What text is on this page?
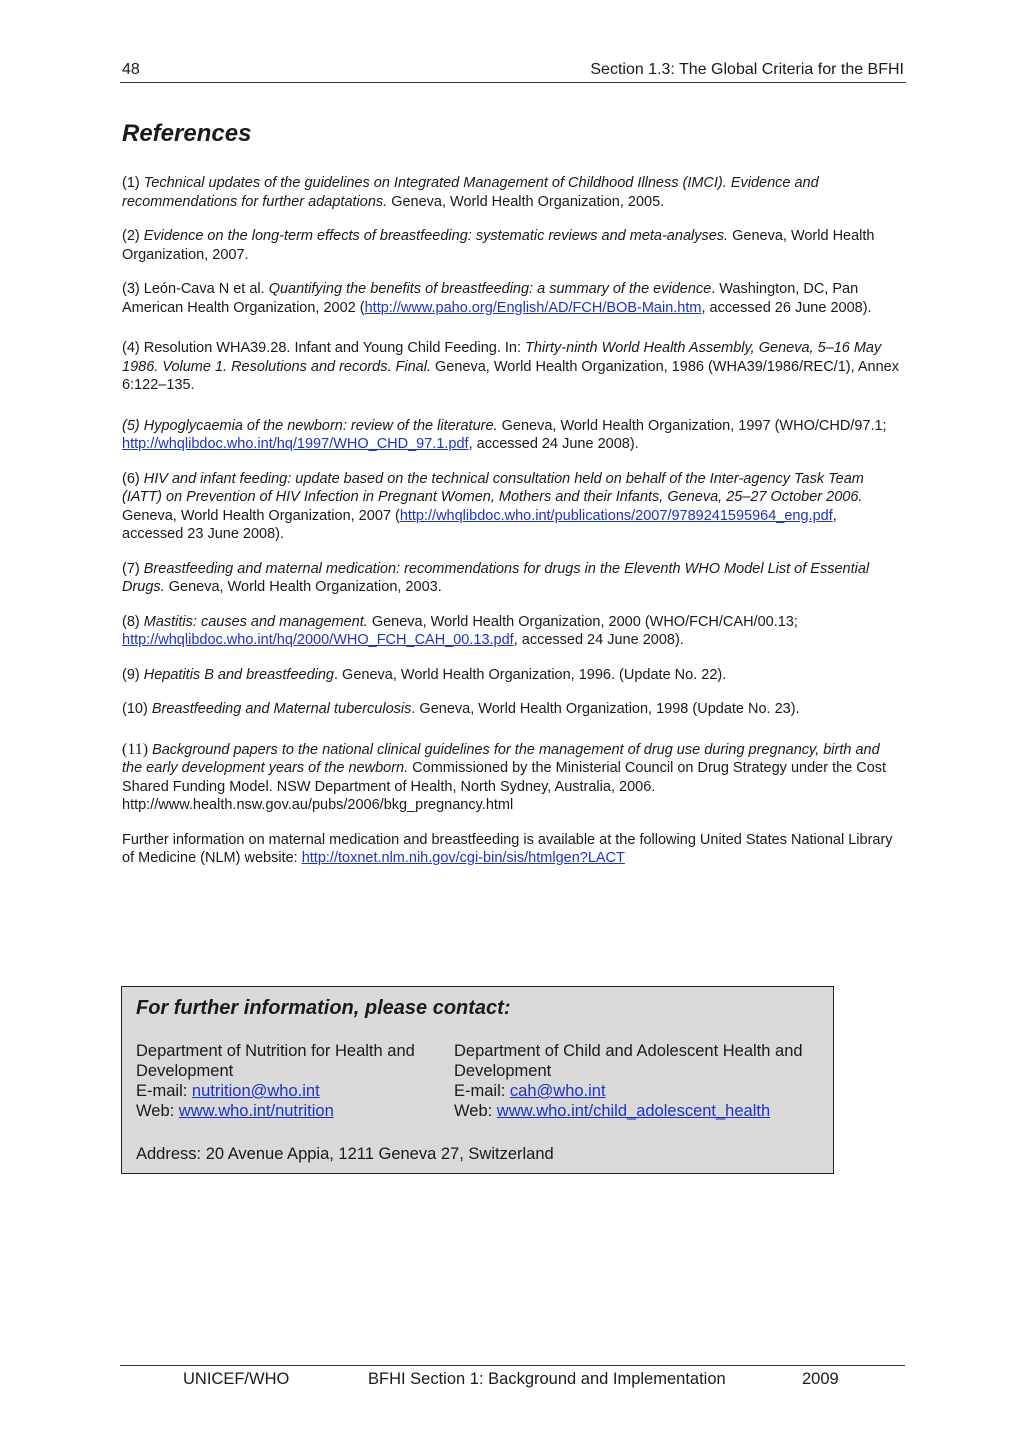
48	Section 1.3: The Global Criteria for the BFHI
References

(1) Technical updates of the guidelines on Integrated Management of Childhood Illness (IMCI). Evidence and recommendations for further adaptations. Geneva, World Health Organization, 2005.

(2) Evidence on the long-term effects of breastfeeding: systematic reviews and meta-analyses. Geneva, World Health Organization, 2007.

(3) León-Cava N et al. Quantifying the benefits of breastfeeding: a summary of the evidence. Washington, DC, Pan American Health Organization, 2002 (http://www.paho.org/English/AD/FCH/BOB-Main.htm, accessed 26 June 2008).

(4) Resolution WHA39.28. Infant and Young Child Feeding. In: Thirty-ninth World Health Assembly, Geneva, 5–16 May 1986. Volume 1. Resolutions and records. Final. Geneva, World Health Organization, 1986 (WHA39/1986/REC/1), Annex 6:122–135.

(5) Hypoglycaemia of the newborn: review of the literature. Geneva, World Health Organization, 1997 (WHO/CHD/97.1; http://whqlibdoc.who.int/hq/1997/WHO_CHD_97.1.pdf, accessed 24 June 2008).

(6) HIV and infant feeding: update based on the technical consultation held on behalf of the Inter-agency Task Team (IATT) on Prevention of HIV Infection in Pregnant Women, Mothers and their Infants, Geneva, 25–27 October 2006. Geneva, World Health Organization, 2007 (http://whqlibdoc.who.int/publications/2007/9789241595964_eng.pdf, accessed 23 June 2008).

(7) Breastfeeding and maternal medication: recommendations for drugs in the Eleventh WHO Model List of Essential Drugs. Geneva, World Health Organization, 2003.

(8) Mastitis: causes and management. Geneva, World Health Organization, 2000 (WHO/FCH/CAH/00.13; http://whqlibdoc.who.int/hq/2000/WHO_FCH_CAH_00.13.pdf, accessed 24 June 2008).

(9) Hepatitis B and breastfeeding. Geneva, World Health Organization, 1996. (Update No. 22).

(10) Breastfeeding and Maternal tuberculosis. Geneva, World Health Organization, 1998 (Update No. 23).

(11) Background papers to the national clinical guidelines for the management of drug use during pregnancy, birth and the early development years of the newborn. Commissioned by the Ministerial Council on Drug Strategy under the Cost Shared Funding Model. NSW Department of Health, North Sydney, Australia, 2006. http://www.health.nsw.gov.au/pubs/2006/bkg_pregnancy.html

Further information on maternal medication and breastfeeding is available at the following United States National Library of Medicine (NLM) website: http://toxnet.nlm.nih.gov/cgi-bin/sis/htmlgen?LACT

For further information, please contact:
Department of Nutrition for Health and Development
E-mail: nutrition@who.int
Web: www.who.int/nutrition
Department of Child and Adolescent Health and Development
E-mail: cah@who.int
Web: www.who.int/child_adolescent_health
Address: 20 Avenue Appia, 1211 Geneva 27, Switzerland
UNICEF/WHO	BFHI Section 1: Background and Implementation	2009
